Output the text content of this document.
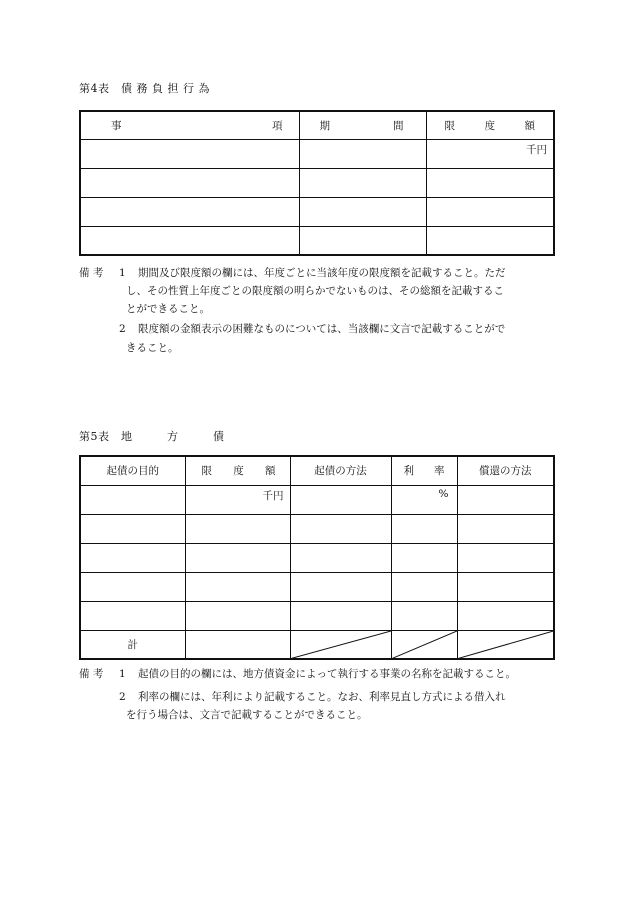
第4表　債 務 負 担 行 為
事 項	期 間	限 度 額

		千円

備 考 1 期間及び限度額の欄には、年度ごとに当該年度の限度額を記載すること。ただ
し、その性質上年度ごとの限度額の明らかでないものは、その総額を記載するこ
とができること。
2 限度額の金額表示の困難なものについては、当該欄に文言で記載することがで
きること。
第5表　地　　　方　　　債
起債の目的	限 度 額	起債の方法	利 率	償還の方法

	千円		%	

計		

備 考 1 起債の目的の欄には、地方債資金によって執行する事業の名称を記載すること。
2 利率の欄には、年利により記載すること。なお、利率見直し方式による借入れ
を行う場合は、文言で記載することができること。
